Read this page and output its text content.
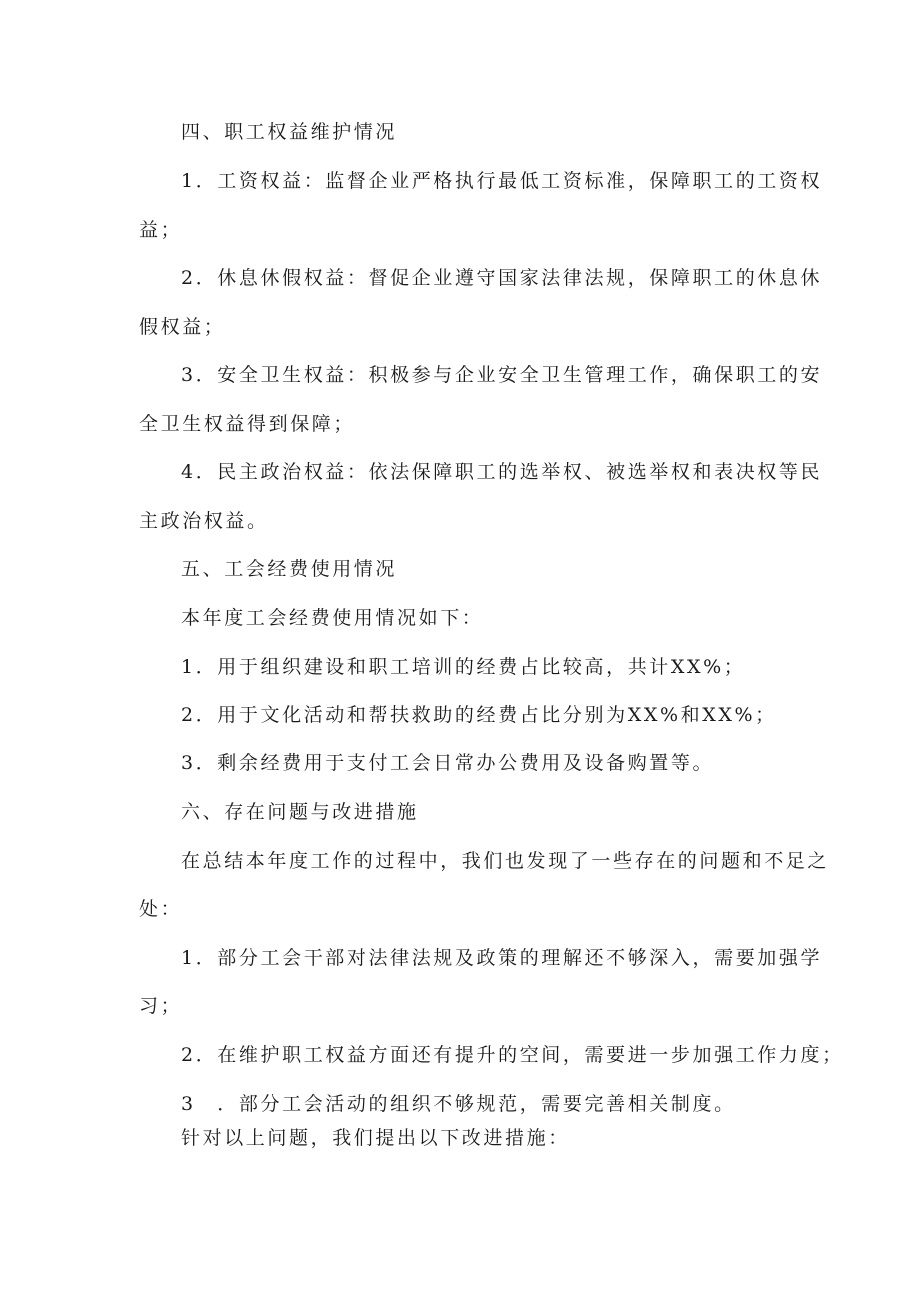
四、职工权益维护情况
1．工资权益：监督企业严格执行最低工资标准，保障职工的工资权
益；
2．休息休假权益：督促企业遵守国家法律法规，保障职工的休息休
假权益；
3．安全卫生权益：积极参与企业安全卫生管理工作，确保职工的安
全卫生权益得到保障；
4．民主政治权益：依法保障职工的选举权、被选举权和表决权等民
主政治权益。
五、工会经费使用情况
本年度工会经费使用情况如下：
1．用于组织建设和职工培训的经费占比较高，共计XX%；
2．用于文化活动和帮扶救助的经费占比分别为XX%和XX%；
3．剩余经费用于支付工会日常办公费用及设备购置等。
六、存在问题与改进措施
在总结本年度工作的过程中，我们也发现了一些存在的问题和不足之
处：
1．部分工会干部对法律法规及政策的理解还不够深入，需要加强学
习；
2．在维护职工权益方面还有提升的空间，需要进一步加强工作力度；
3　．部分工会活动的组织不够规范，需要完善相关制度。
针对以上问题，我们提出以下改进措施：
